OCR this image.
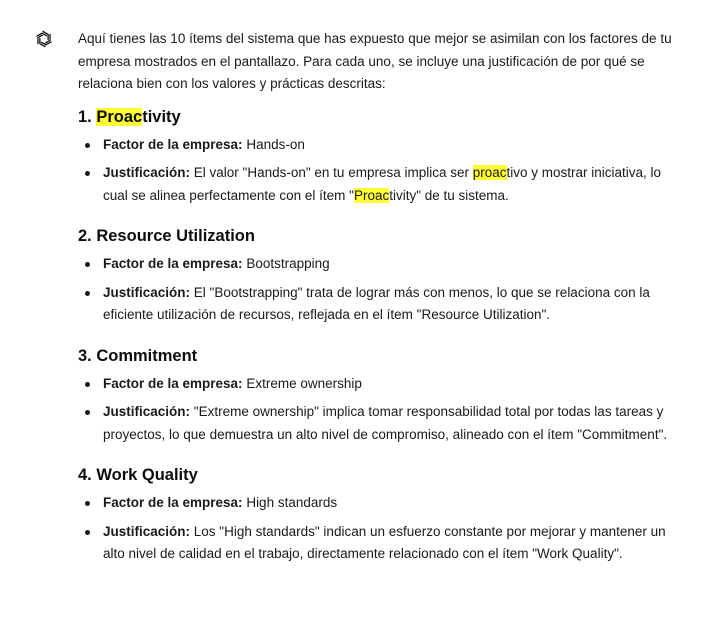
Aquí tienes las 10 ítems del sistema que has expuesto que mejor se asimilan con los factores de tu empresa mostrados en el pantallazo. Para cada uno, se incluye una justificación de por qué se relaciona bien con los valores y prácticas descritas:

1. Proactivity
Factor de la empresa: Hands-on
Justificación: El valor "Hands-on" en tu empresa implica ser proactivo y mostrar iniciativa, lo cual se alinea perfectamente con el ítem "Proactivity" de tu sistema.
2. Resource Utilization
Factor de la empresa: Bootstrapping
Justificación: El "Bootstrapping" trata de lograr más con menos, lo que se relaciona con la eficiente utilización de recursos, reflejada en el ítem "Resource Utilization".
3. Commitment
Factor de la empresa: Extreme ownership
Justificación: "Extreme ownership" implica tomar responsabilidad total por todas las tareas y proyectos, lo que demuestra un alto nivel de compromiso, alineado con el ítem "Commitment".
4. Work Quality
Factor de la empresa: High standards
Justificación: Los "High standards" indican un esfuerzo constante por mejorar y mantener un alto nivel de calidad en el trabajo, directamente relacionado con el ítem "Work Quality".
